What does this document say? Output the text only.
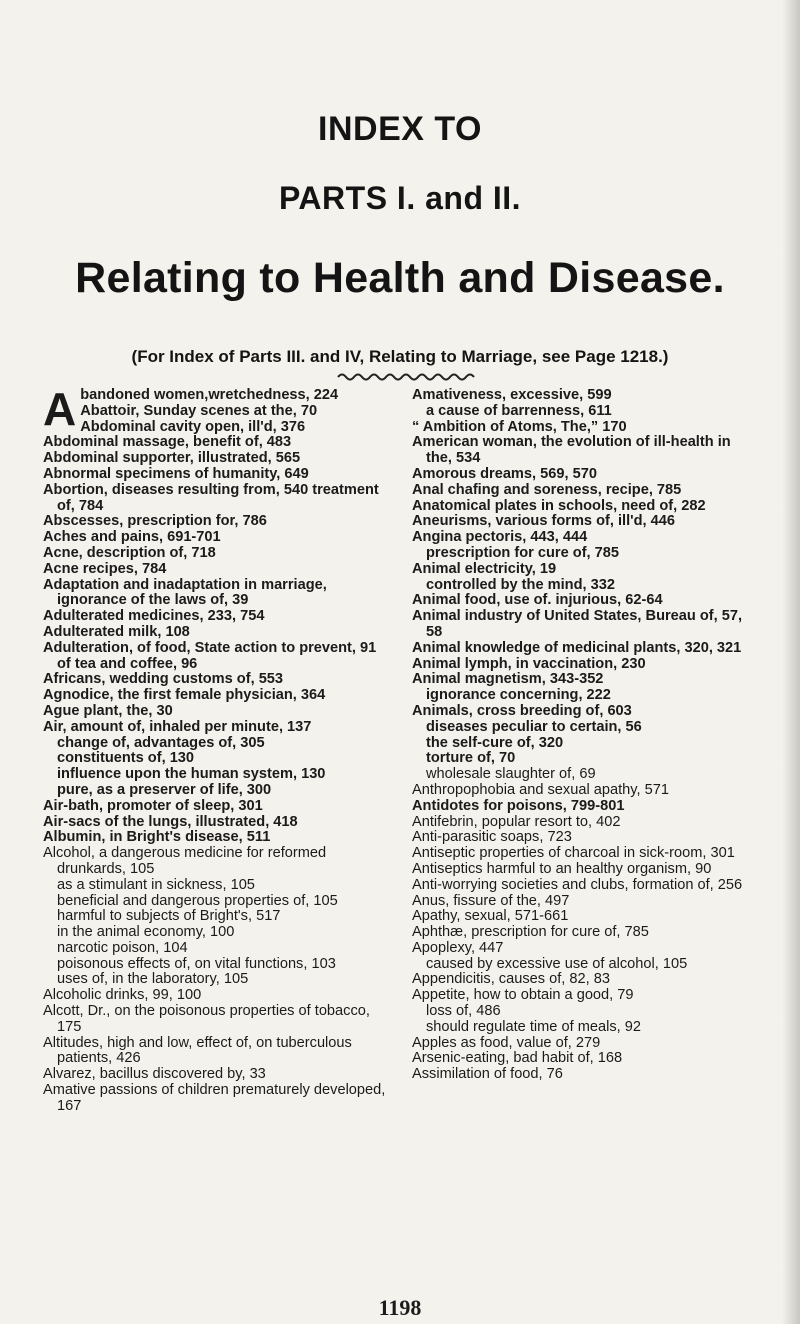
INDEX TO
PARTS I. and II.
Relating to Health and Disease.
(For Index of Parts III. and IV, Relating to Marriage, see Page 1218.)
A bandoned women,wretchedness, 224
Abattoir, Sunday scenes at the, 70
Abdominal cavity open, ill'd, 376

Abdominal massage, benefit of, 483

Abdominal supporter, illustrated, 565

Abnormal specimens of humanity, 649

Abortion, diseases resulting from, 540 treatment of, 784

Abscesses, prescription for, 786

Aches and pains, 691-701

Acne, description of, 718

Acne recipes, 784

Adaptation and inadaptation in marriage, ignorance of the laws of, 39

Adulterated medicines, 233, 754

Adulterated milk, 108

Adulteration, of food, State action to prevent, 91

of tea and coffee, 96

Africans, wedding customs of, 553

Agnodice, the first female physician, 364

Ague plant, the, 30

Air, amount of, inhaled per minute, 137

change of, advantages of, 305

constituents of, 130

influence upon the human system, 130

pure, as a preserver of life, 300

Air-bath, promoter of sleep, 301

Air-sacs of the lungs, illustrated, 418

Albumin, in Bright's disease, 511

Alcohol, a dangerous medicine for reformed drunkards, 105

as a stimulant in sickness, 105

beneficial and dangerous properties of, 105

harmful to subjects of Bright's, 517

in the animal economy, 100

narcotic poison, 104

poisonous effects of, on vital functions, 103

uses of, in the laboratory, 105

Alcoholic drinks, 99, 100

Alcott, Dr., on the poisonous properties of tobacco, 175

Altitudes, high and low, effect of, on tuberculous patients, 426

Alvarez, bacillus discovered by, 33

Amative passions of children prematurely developed, 167

Amativeness, excessive, 599

a cause of barrenness, 611

“ Ambition of Atoms, The,” 170

American woman, the evolution of ill-health in the, 534

Amorous dreams, 569, 570

Anal chafing and soreness, recipe, 785

Anatomical plates in schools, need of, 282

Aneurisms, various forms of, ill'd, 446

Angina pectoris, 443, 444

prescription for cure of, 785

Animal electricity, 19

controlled by the mind, 332

Animal food, use of. injurious, 62-64

Animal industry of United States, Bureau of, 57, 58

Animal knowledge of medicinal plants, 320, 321

Animal lymph, in vaccination, 230

Animal magnetism, 343-352

ignorance concerning, 222

Animals, cross breeding of, 603

diseases peculiar to certain, 56

the self-cure of, 320

torture of, 70

wholesale slaughter of, 69

Anthropophobia and sexual apathy, 571

Antidotes for poisons, 799-801

Antifebrin, popular resort to, 402

Anti-parasitic soaps, 723

Antiseptic properties of charcoal in sick-room, 301

Antiseptics harmful to an healthy organism, 90

Anti-worrying societies and clubs, formation of, 256

Anus, fissure of the, 497

Apathy, sexual, 571-661

Aphthæ, prescription for cure of, 785

Apoplexy, 447

caused by excessive use of alcohol, 105

Appendicitis, causes of, 82, 83

Appetite, how to obtain a good, 79

loss of, 486

should regulate time of meals, 92

Apples as food, value of, 279

Arsenic-eating, bad habit of, 168

Assimilation of food, 76

1198
